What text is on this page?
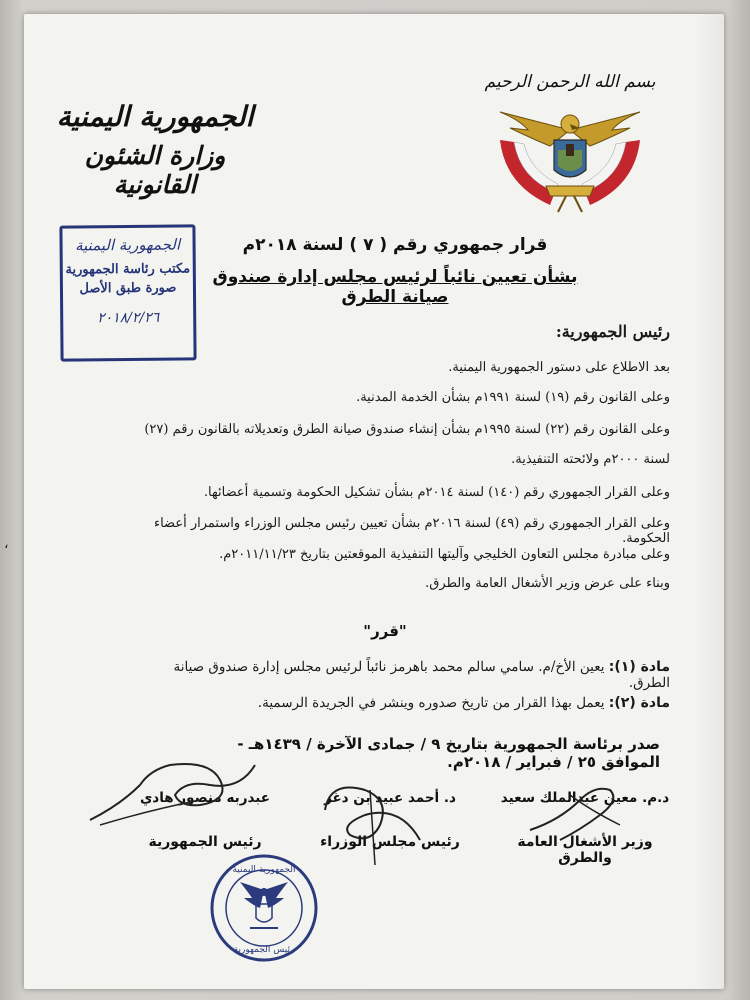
،
بسم الله الرحمن الرحيم
الجمهورية اليمنية
وزارة الشئون القانونية
الجمهورية اليمنية
مكتب رئاسة الجمهورية
صورة طبق الأصل
٢٠١٨/٢/٢٦
قرار جمهوري رقم ( ٧ ) لسنة ٢٠١٨م
بشأن تعيين نائباً لرئيس مجلس إدارة صندوق صيانة الطرق
رئيس الجمهورية:
بعد الاطلاع على دستور الجمهورية اليمنية.
وعلى القانون رقم (١٩) لسنة ١٩٩١م بشأن الخدمة المدنية.
وعلى القانون رقم (٢٢) لسنة ١٩٩٥م بشأن إنشاء صندوق صيانة الطرق وتعديلاته بالقانون رقم (٢٧)
لسنة ٢٠٠٠م ولائحته التنفيذية.
وعلى القرار الجمهوري رقم (١٤٠) لسنة ٢٠١٤م بشأن تشكيل الحكومة وتسمية أعضائها.
وعلى القرار الجمهوري رقم (٤٩) لسنة ٢٠١٦م بشأن تعيين رئيس مجلس الوزراء واستمرار أعضاء الحكومة.
وعلى مبادرة مجلس التعاون الخليجي وآليتها التنفيذية الموقعتين بتاريخ ٢٠١١/١١/٢٣م.
وبناء على عرض وزير الأشغال العامة والطرق.
"قرر"
مادة (١): يعين الأخ/م. سامي سالم محمد باهرمز نائباً لرئيس مجلس إدارة صندوق صيانة الطرق.
مادة (٢): يعمل بهذا القرار من تاريخ صدوره وينشر في الجريدة الرسمية.
صدر برئاسة الجمهورية بتاريخ ٩ / جمادى الآخرة / ١٤٣٩هـ - الموافق ٢٥ / فبراير / ٢٠١٨م.
عبدربه منصور هادي
رئيس الجمهورية
د. أحمد عبيد بن دغر
رئيس مجلس الوزراء
د.م. معين عبدالملك سعيد
وزير الأشغال العامة والطرق
الجمهورية اليمنية
رئيس الجمهورية
